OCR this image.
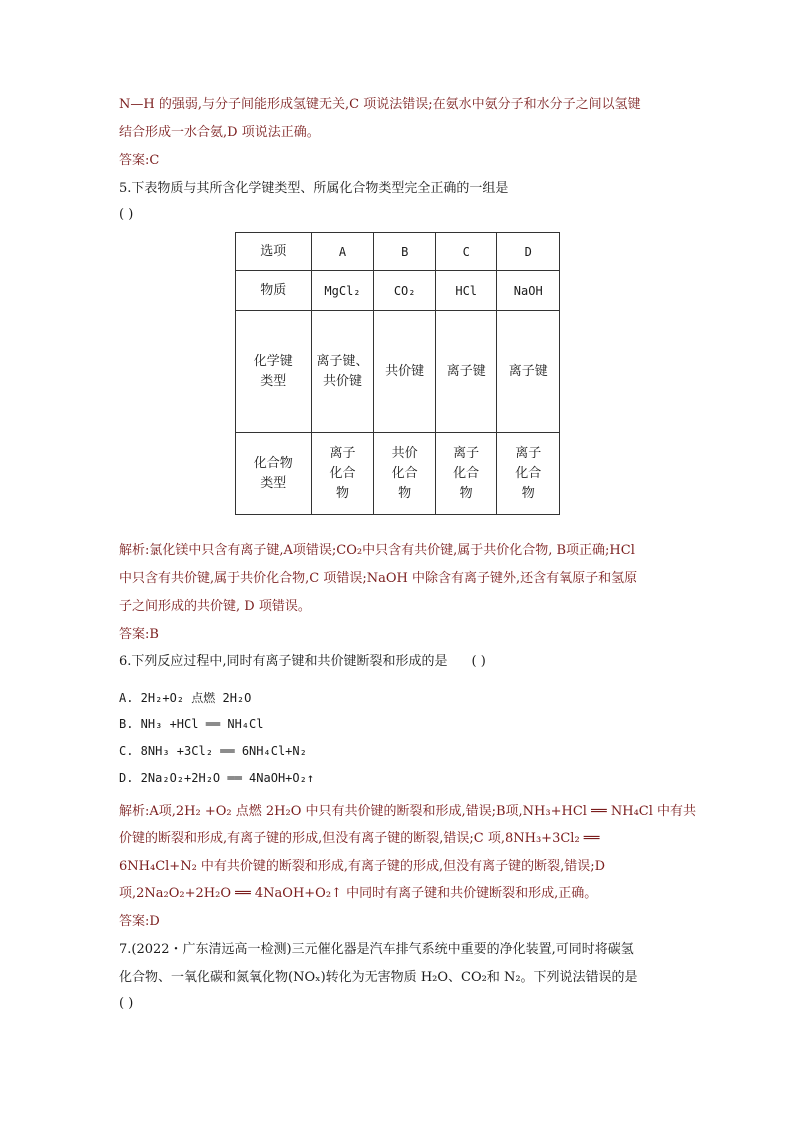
N—H 的强弱,与分子间能形成氢键无关,C 项说法错误;在氨水中氨分子和水分子之间以氢键
结合形成一水合氨,D 项说法正确。
答案:C
5.下表物质与其所含化学键类型、所属化合物类型完全正确的一组是
( )
选项	A	B	C	D
物质	MgCl₂	CO₂	HCl	NaOH

化学键类型	离子键、共价键	共价键	离子键	离子键

化合物类型	离子化合物	共价化合物	离子化合物	离子化合物
解析:氯化镁中只含有离子键,A项错误;CO₂中只含有共价键,属于共价化合物, B项正确;HCl
中只含有共价键,属于共价化合物,C 项错误;NaOH 中除含有离子键外,还含有氧原子和氢原
子之间形成的共价键, D 项错误。
答案:B
6.下列反应过程中,同时有离子键和共价键断裂和形成的是 ( )
A. 2H₂+O₂ 点燃 2H₂O
B. NH₃ +HCl ══ NH₄Cl
C. 8NH₃ +3Cl₂ ══ 6NH₄Cl+N₂
D. 2Na₂O₂+2H₂O ══ 4NaOH+O₂↑
解析:A项,2H₂ +O₂ 点燃 2H₂O 中只有共价键的断裂和形成,错误;B项,NH₃+HCl ══ NH₄Cl 中有共
价键的断裂和形成,有离子键的形成,但没有离子键的断裂,错误;C 项,8NH₃+3Cl₂ ══
6NH₄Cl+N₂ 中有共价键的断裂和形成,有离子键的形成,但没有离子键的断裂,错误;D
项,2Na₂O₂+2H₂O ══ 4NaOH+O₂↑ 中同时有离子键和共价键断裂和形成,正确。
答案:D
7.(2022・广东清远高一检测)三元催化器是汽车排气系统中重要的净化装置,可同时将碳氢
化合物、一氧化碳和氮氧化物(NOₓ)转化为无害物质 H₂O、CO₂和 N₂。下列说法错误的是
( )
